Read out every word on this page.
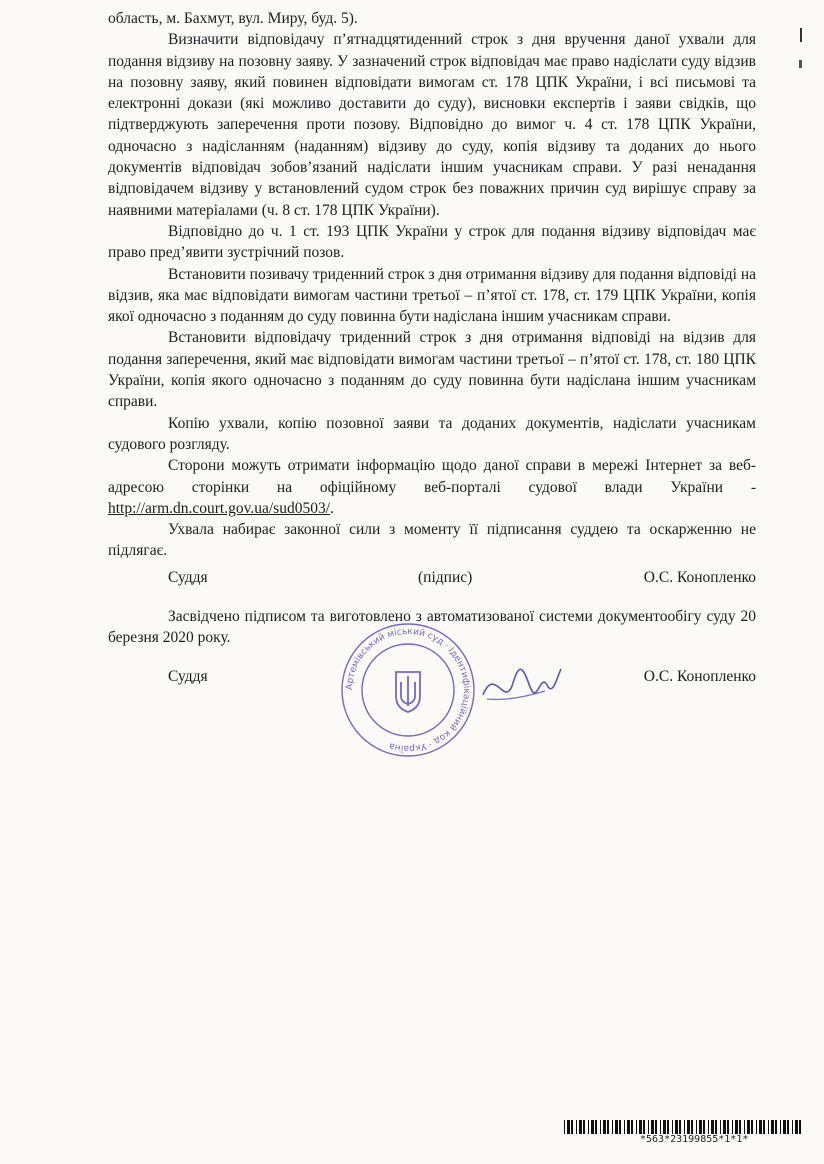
область, м. Бахмут, вул. Миру, буд. 5).

Визначити відповідачу п’ятнадцятиденний строк з дня вручення даної ухвали для подання відзиву на позовну заяву. У зазначений строк відповідач має право надіслати суду відзив на позовну заяву, який повинен відповідати вимогам ст. 178 ЦПК України, і всі письмові та електронні докази (які можливо доставити до суду), висновки експертів і заяви свідків, що підтверджують заперечення проти позову. Відповідно до вимог ч. 4 ст. 178 ЦПК України, одночасно з надісланням (наданням) відзиву до суду, копія відзиву та доданих до нього документів відповідач зобов’язаний надіслати іншим учасникам справи. У разі ненадання відповідачем відзиву у встановлений судом строк без поважних причин суд вирішує справу за наявними матеріалами (ч. 8 ст. 178 ЦПК України).

Відповідно до ч. 1 ст. 193 ЦПК України у строк для подання відзиву відповідач має право пред’явити зустрічний позов.

Встановити позивачу триденний строк з дня отримання відзиву для подання відповіді на відзив, яка має відповідати вимогам частини третьої – п’ятої ст. 178, ст. 179 ЦПК України, копія якої одночасно з поданням до суду повинна бути надіслана іншим учасникам справи.

Встановити відповідачу триденний строк з дня отримання відповіді на відзив для подання заперечення, який має відповідати вимогам частини третьої – п’ятої ст. 178, ст. 180 ЦПК України, копія якого одночасно з поданням до суду повинна бути надіслана іншим учасникам справи.

Копію ухвали, копію позовної заяви та доданих документів, надіслати учасникам судового розгляду.

Сторони можуть отримати інформацію щодо даної справи в мережі Інтернет за веб-адресою сторінки на офіційному веб-порталі судової влади України - http://arm.dn.court.gov.ua/sud0503/.

Ухвала набирає законної сили з моменту її підписання суддею та оскарженню не підлягає.

Суддя	(підпис)	О.С. Конопленко

Засвідчено підписом та виготовлено з автоматизованої системи документообігу суду 20 березня 2020 року.

Артемівський міський суд · Ідентифікаційний код · Україна
Суддя	О.С. Конопленко
*563*23199855*1*1*
